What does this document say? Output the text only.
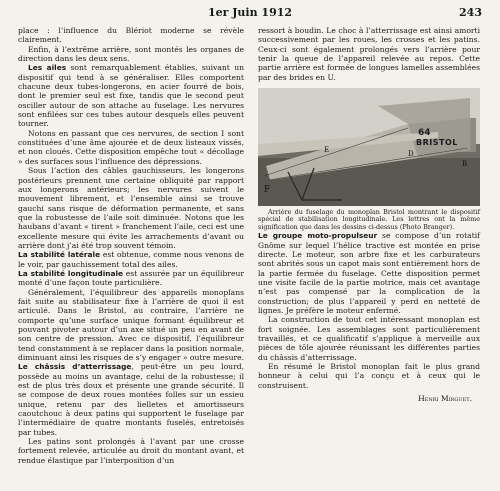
1er Juin 1912	243

place : l’influence du Blériot moderne se révèle clairement.

Enfin, à l’extrême arrière, sont montés les organes de direction dans les deux sens.

Les ailes sont remarquablement établies, suivant un dispositif qui tend à se généraliser. Elles comportent chacune deux tubes-longerons, en acier fourré de bois, dont le premier seul est fixe, tandis que le second peut osciller autour de son attache au fuselage. Les nervures sont enfilées sur ces tubes autour desquels elles peuvent tourner.

Notons en passant que ces nervures, de section I sont constituées d’une âme ajourée et de deux listeaux vissés, et non cloués. Cette disposition empêche tout « décollage » des surfaces sous l’influence des dépressions.

Sous l’action des câbles gauchisseurs, les longerons postérieurs prennent une certaine obliquité par rapport aux longerons antérieurs; les nervures suivent le mouvement librement, et l’ensemble ainsi se trouve gauchi sans risque de déformation permanente, et sans que la robustesse de l’aile soit diminuée. Notons que les haubans d’avant « tirent » franchement l’aile, ceci est une excellente mesure qui évite les arrachements d’avant ou arrière dont j’ai été trop souvent témoin.

La stabilité latérale est obtenue, comme nous venons de le voir, par gauchissement total des ailes.

La stabilité longitudinale est assurée par un équilibreur monté d’une façon toute particulière.

Généralement, l’équilibreur des appareils monoplans fait suite au stabilisateur fixe à l’arrière de quoi il est articulé. Dans le Bristol, au contraire, l’arrière ne comporte qu’une surface unique formant équilibreur et pouvant pivoter autour d’un axe situé un peu en avant de son centre de pression. Avec ce dispositif, l’équilibreur tend constamment à se replacer dans la position normale, diminuant ainsi les risques de s’y engager » outre mesure.

Le châssis d’atterrissage, peut-être un peu lourd, possède au moins un avantage, celui de la robustesse; il est de plus très doux et présente une grande sécurité. Il se compose de deux roues montées folles sur un essieu unique, retenu par des lielletes et amortisseurs caoutchouc à deux patins qui supportent le fuselage par l’intermédiaire de quatre montants fuselés, entretoisés par tubes.

Les patins sont prolongés à l’avant par une crosse fortement relevée, articulée au droit du montant avant, et rendue élastique par l’interposition d’un

ressort à boudin. Le choc à l’atterrissage est ainsi amorti successivement par les roues, les crosses et les patins. Ceux-ci sont également prolongés vers l’arrière pour tenir la queue de l’appareil relevée au repos. Cette partie arrière est formée de longues lamelles assemblées par des brides en U.

F
E	D
B
64
BRISTOL

Arrière du fuselage du monoplan Bristol montrant le dispositif spécial de stabilisation longitudinale. Les lettres ont la même signification que dans les dessins ci-dessus (Photo Branger).

Le groupe moto-propulseur se compose d’un rotatif Gnôme sur lequel l’hélice tractive est montée en prise directe. Le moteur, son arbre fixe et les carburateurs sont abrités sous un capot mais sont entièrement hors de la partie fermée du fuselage. Cette disposition permet une visite facile de la partie motrice, mais cet avantage n’est pas compensé par la complication de la construction; de plus l’appareil y perd en netteté de lignes. Je préfère le moteur enfermé.

La construction de tout cet intéressant monoplan est fort soignée. Les assemblages sont particulièrement travaillés, et ce qualificatif s’applique à merveille aux pièces de tôle ajourée réunissant les différentes parties du châssis d’atterrissage.

En résumé le Bristol monoplan fait le plus grand honneur à celui qui l’a conçu et à ceux qui le construisent.

Henri Mirguet.
